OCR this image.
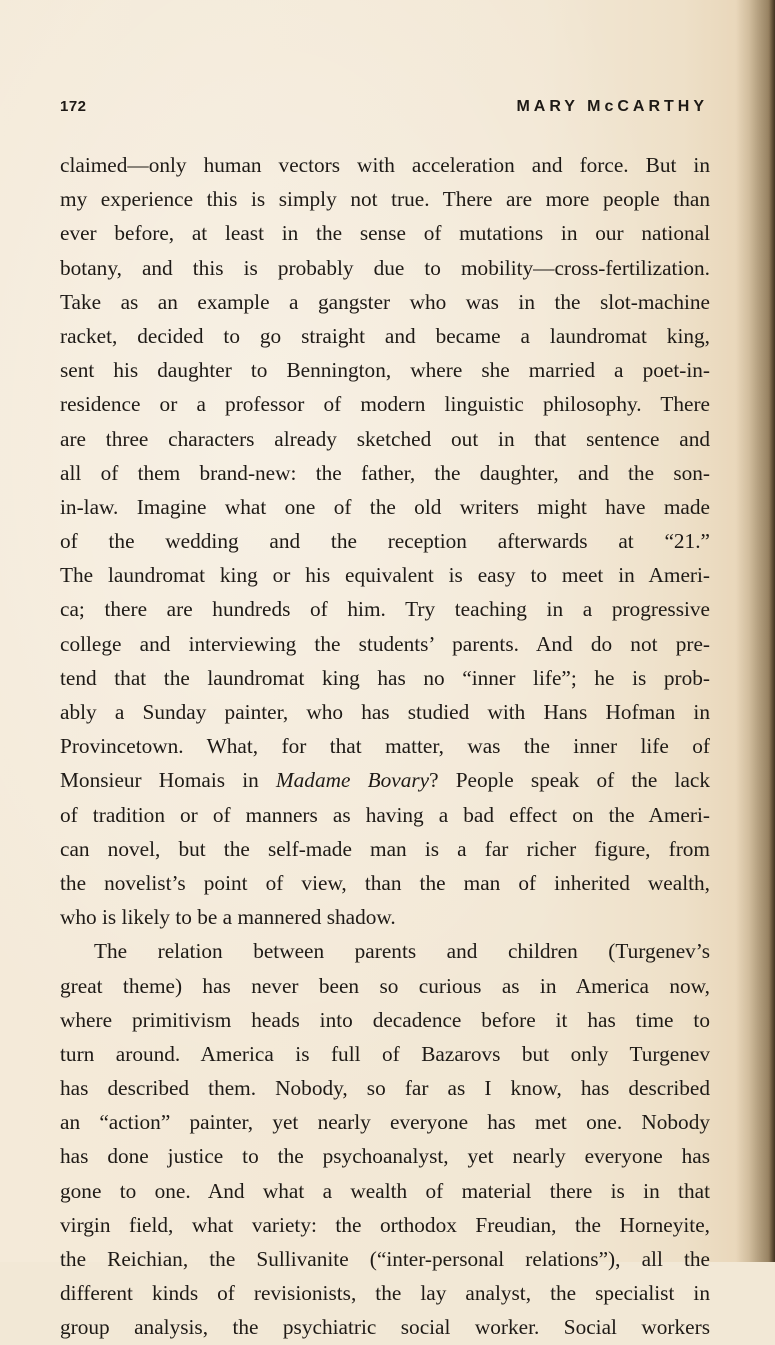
172	MARY McCARTHY
claimed—only human vectors with acceleration and force. But in
my experience this is simply not true. There are more people than
ever before, at least in the sense of mutations in our national
botany, and this is probably due to mobility—cross-fertilization.
Take as an example a gangster who was in the slot-machine
racket, decided to go straight and became a laundromat king,
sent his daughter to Bennington, where she married a poet-in-
residence or a professor of modern linguistic philosophy. There
are three characters already sketched out in that sentence and
all of them brand-new: the father, the daughter, and the son-
in-law. Imagine what one of the old writers might have made
of the wedding and the reception afterwards at “21.”
The laundromat king or his equivalent is easy to meet in Ameri-
ca; there are hundreds of him. Try teaching in a progressive
college and interviewing the students’ parents. And do not pre-
tend that the laundromat king has no “inner life”; he is prob-
ably a Sunday painter, who has studied with Hans Hofman in
Provincetown. What, for that matter, was the inner life of
Monsieur Homais in Madame Bovary? People speak of the lack
of tradition or of manners as having a bad effect on the Ameri-
can novel, but the self-made man is a far richer figure, from
the novelist’s point of view, than the man of inherited wealth,
who is likely to be a mannered shadow.
The relation between parents and children (Turgenev’s
great theme) has never been so curious as in America now,
where primitivism heads into decadence before it has time to
turn around. America is full of Bazarovs but only Turgenev
has described them. Nobody, so far as I know, has described
an “action” painter, yet nearly everyone has met one. Nobody
has done justice to the psychoanalyst, yet nearly everyone has
gone to one. And what a wealth of material there is in that
virgin field, what variety: the orthodox Freudian, the Horneyite,
the Reichian, the Sullivanite (“inter-personal relations”), all the
different kinds of revisionists, the lay analyst, the specialist in
group analysis, the psychiatric social worker. Social workers
